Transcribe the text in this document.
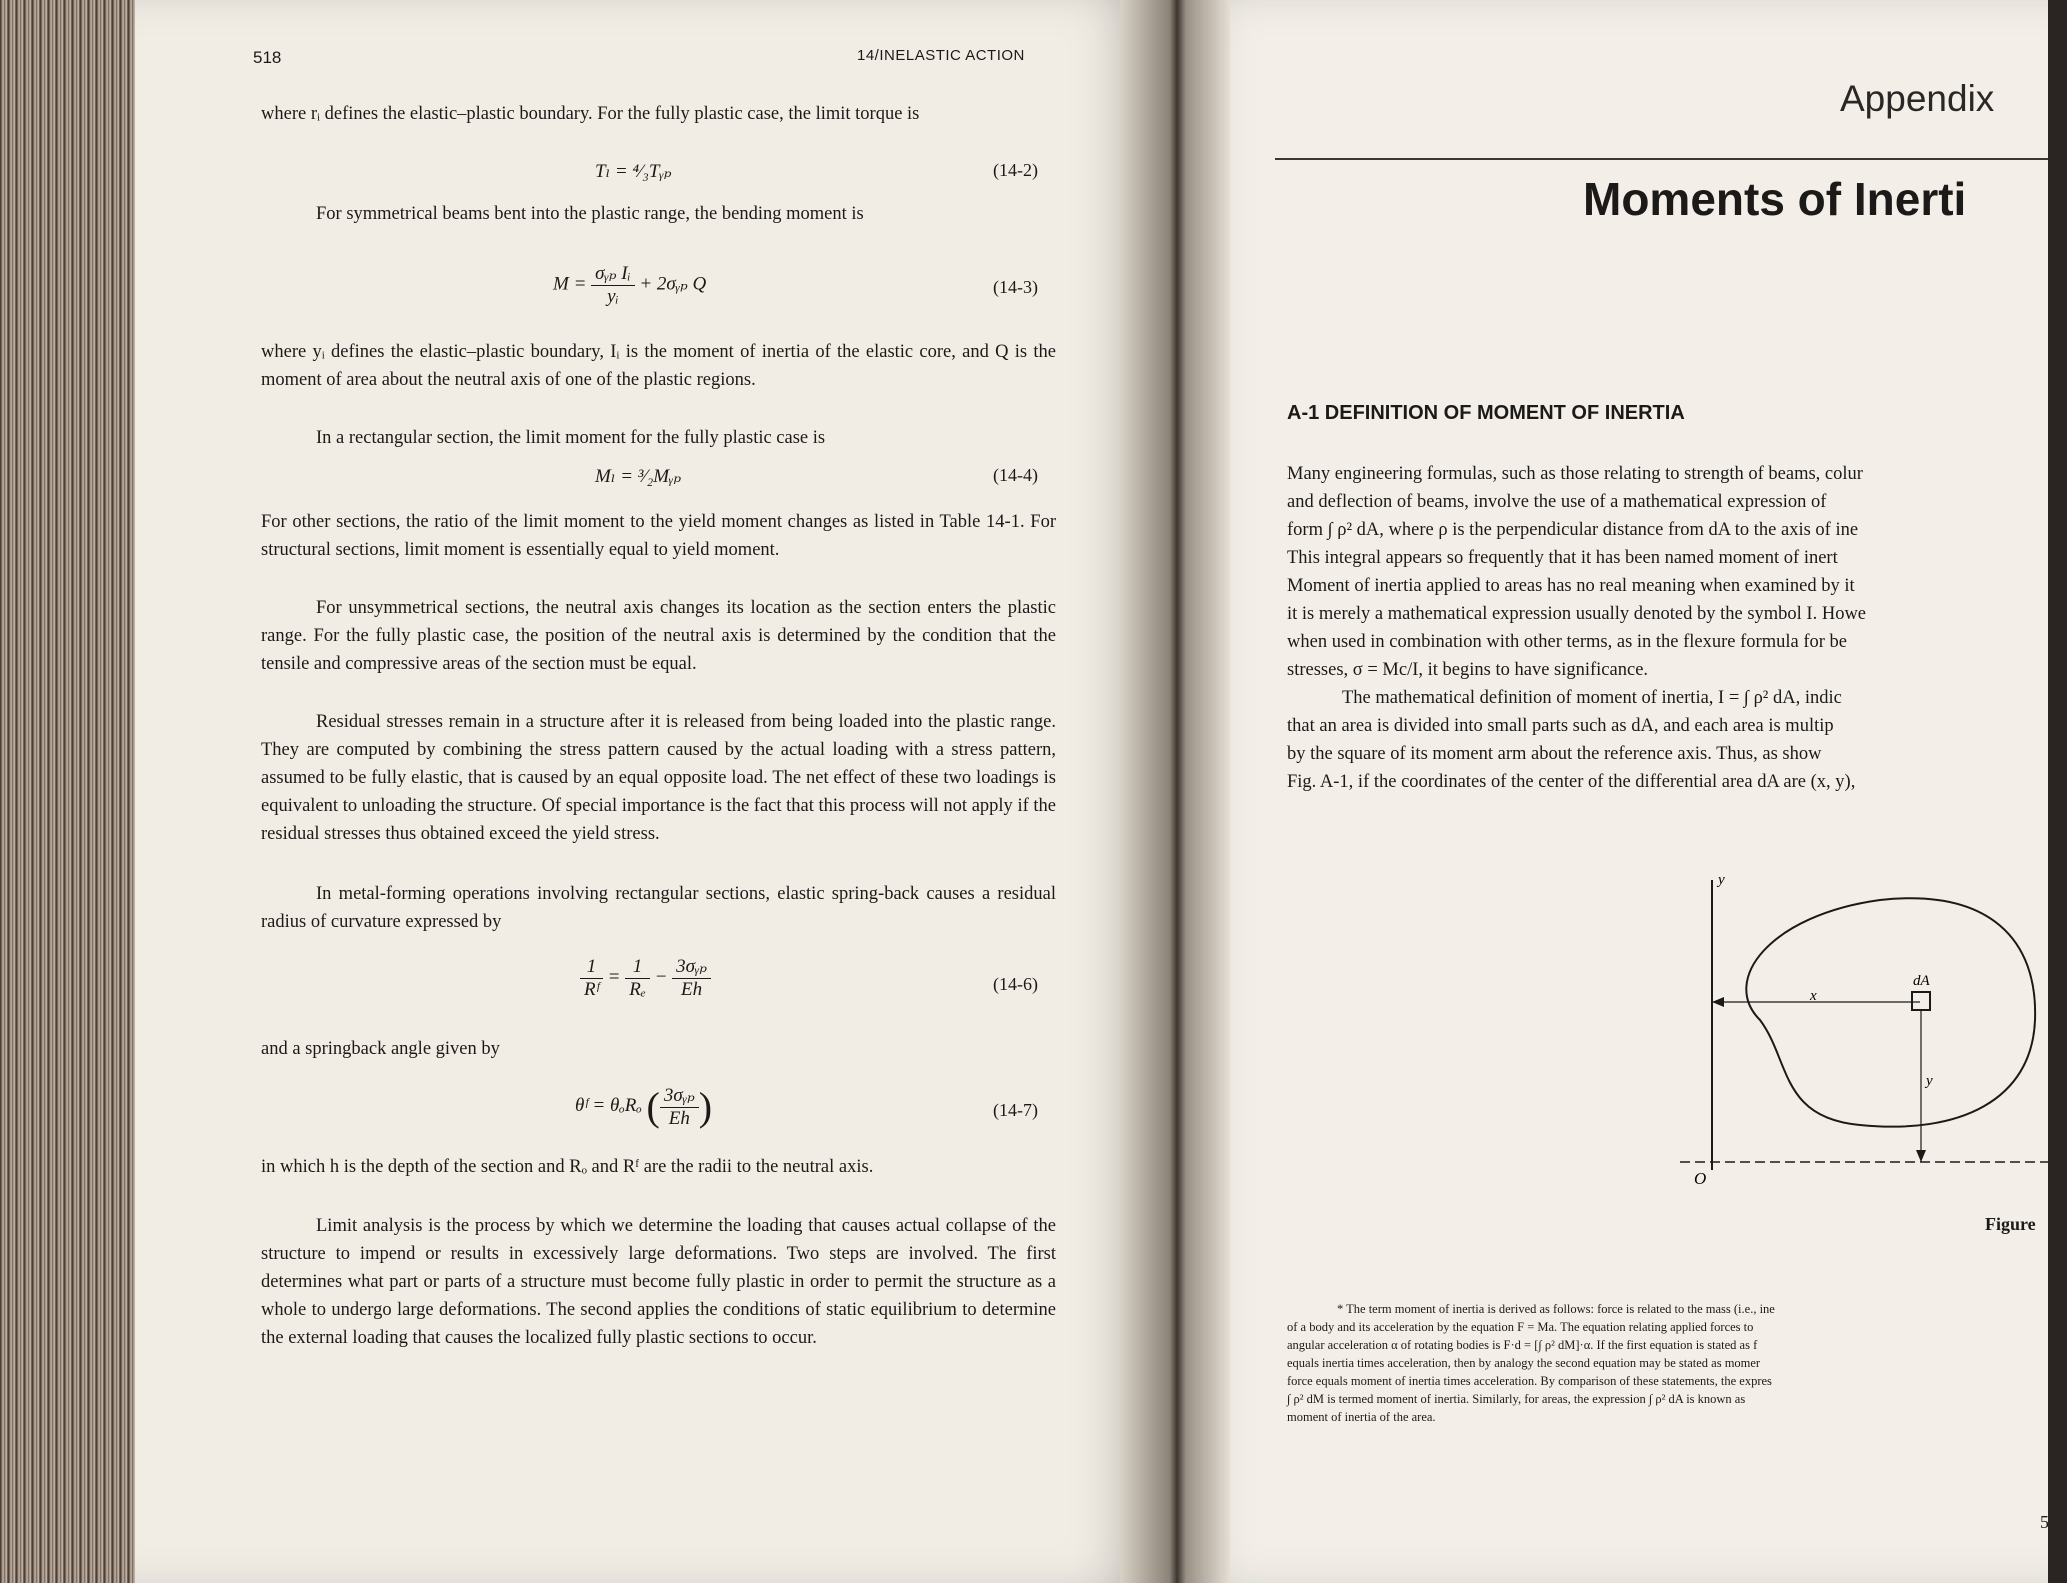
518	14/INELASTIC ACTION
where rᵢ defines the elastic–plastic boundary. For the fully plastic case, the limit torque is
Tₗ = ⁴⁄₃Tᵧₚ	(14-2)
For symmetrical beams bent into the plastic range, the bending moment is
$M = \frac{\text{σᵧₚ Iᵢ}}{\text{yᵢ}}$ + 2σᵧₚ Q	(14-3)
where yᵢ defines the elastic–plastic boundary, Iᵢ is the moment of inertia of the elastic core, and Q is the moment of area about the neutral axis of one of the plastic regions.
In a rectangular section, the limit moment for the fully plastic case is
Mₗ = ³⁄₂Mᵧₚ	(14-4)
For other sections, the ratio of the limit moment to the yield moment changes as listed in Table 14-1. For structural sections, limit moment is essentially equal to yield moment.
For unsymmetrical sections, the neutral axis changes its location as the section enters the plastic range. For the fully plastic case, the position of the neutral axis is determined by the condition that the tensile and compressive areas of the section must be equal.
Residual stresses remain in a structure after it is released from being loaded into the plastic range. They are computed by combining the stress pattern caused by the actual loading with a stress pattern, assumed to be fully elastic, that is caused by an equal opposite load. The net effect of these two loadings is equivalent to unloading the structure. Of special importance is the fact that this process will not apply if the residual stresses thus obtained exceed the yield stress.
In metal-forming operations involving rectangular sections, elastic spring-back causes a residual radius of curvature expressed by
$\frac{1}{\text{Rᶠ}} = \frac{1}{\text{Rₑ}} - \frac{\text{3σᵧₚ}}{Eh}$	(14-6)
and a springback angle given by
θᶠ = θₒRₒ ( $\frac{\text{3σᵧₚ}}{Eh}$ )	(14-7)
in which h is the depth of the section and Rₒ and Rᶠ are the radii to the neutral axis.
Limit analysis is the process by which we determine the loading that causes actual collapse of the structure to impend or results in excessively large deformations. Two steps are involved. The first determines what part or parts of a structure must become fully plastic in order to permit the structure as a whole to undergo large deformations. The second applies the conditions of static equilibrium to determine the external loading that causes the localized fully plastic sections to occur.
Appendix
Moments of Inerti
A-1 DEFINITION OF MOMENT OF INERTIA
Many engineering formulas, such as those relating to strength of beams, colur
and deflection of beams, involve the use of a mathematical expression of
form ∫ ρ² dA, where ρ is the perpendicular distance from dA to the axis of ine
This integral appears so frequently that it has been named moment of inert
Moment of inertia applied to areas has no real meaning when examined by it
it is merely a mathematical expression usually denoted by the symbol I. Howe
when used in combination with other terms, as in the flexure formula for be
stresses, σ = Mc/I, it begins to have significance.
The mathematical definition of moment of inertia, I = ∫ ρ² dA, indic
that an area is divided into small parts such as dA, and each area is multip
by the square of its moment arm about the reference axis. Thus, as show
Fig. A-1, if the coordinates of the center of the differential area dA are (x, y),
y
x
dA
y
O
Figure
* The term moment of inertia is derived as follows: force is related to the mass (i.e., ine
of a body and its acceleration by the equation F = Ma. The equation relating applied forces to
angular acceleration α of rotating bodies is F·d = [∫ ρ² dM]·α. If the first equation is stated as f
equals inertia times acceleration, then by analogy the second equation may be stated as momer
force equals moment of inertia times acceleration. By comparison of these statements, the expres
∫ ρ² dM is termed moment of inertia. Similarly, for areas, the expression ∫ ρ² dA is known as
moment of inertia of the area.
5
